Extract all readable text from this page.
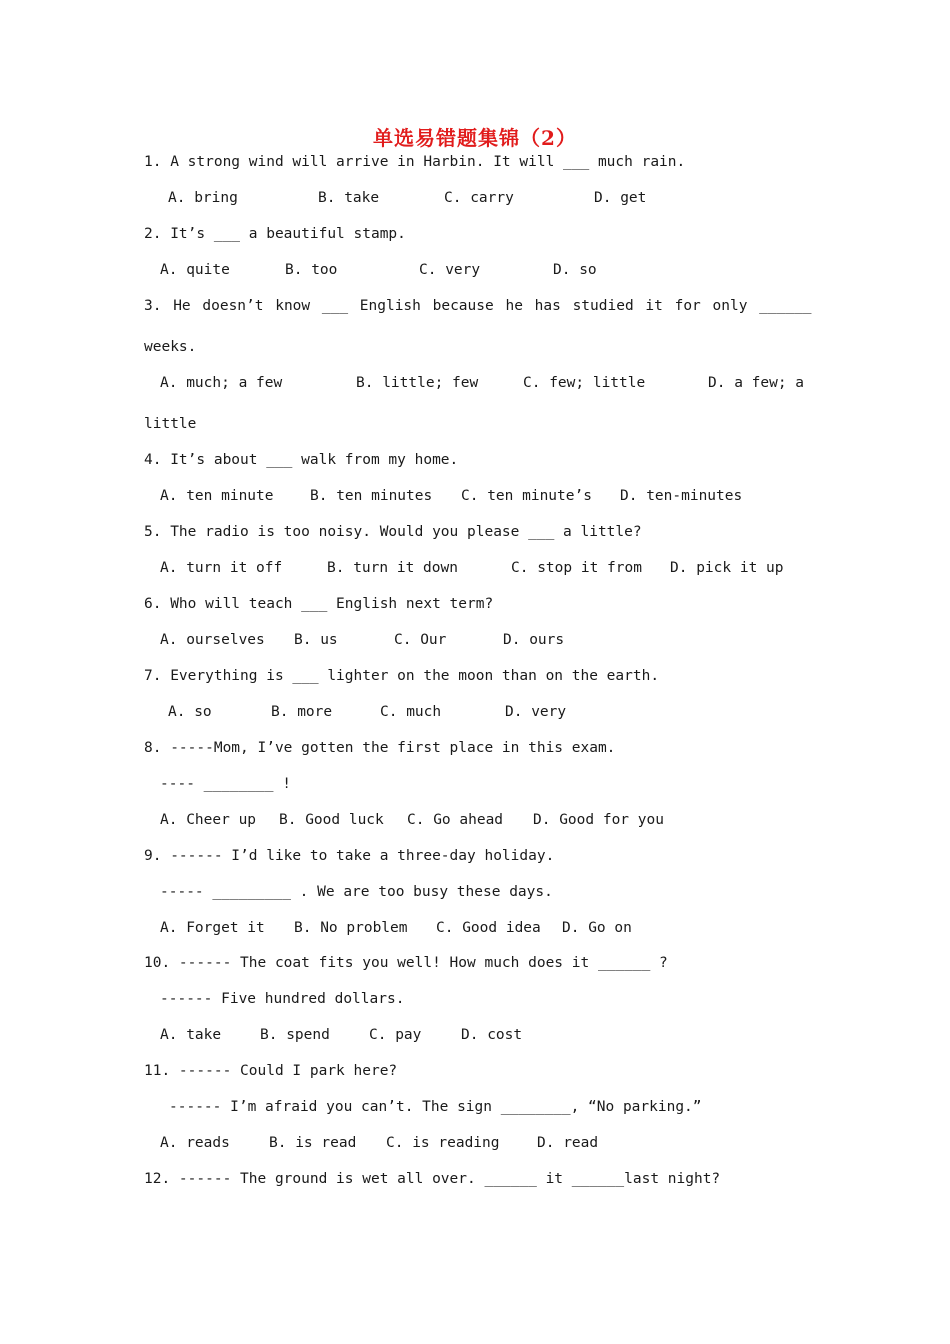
单选易错题集锦（2）
1. A strong wind will arrive in Harbin. It will ___ much rain.

A. bring

	B. take

	C. carry

	D. get

2. It’s ___ a beautiful stamp.

A. quite

	B. too

	C. very

	D. so

3. He doesn’t know ___ English because he has studied it for only ______
weeks.

A. much; a few

	B. little; few

	C. few; little

	D. a few; a

little
4. It’s about ___ walk from my home.

A. ten minute

	B. ten minutes

C. ten minute’s

D. ten-minutes

5. The radio is too noisy. Would you please ___ a little?

A. turn it off

	B. turn it down

	C. stop it from

D. pick it up

6. Who will teach ___ English next term?

A. ourselves

B. us

	C. Our

	D. ours

7. Everything is ___ lighter on the moon than on the earth.

A. so

	B. more

	C. much

	D. very

8. -----Mom, I’ve gotten the first place in this exam.
---- ________ !

A. Cheer up

B. Good luck

C. Go ahead

D. Good for you

9. ------ I’d like to take a three-day holiday.
----- _________ . We are too busy these days.

A. Forget it

B. No problem

C. Good idea

D. Go on

10. ------ The coat fits you well! How much does it ______ ?
------ Five hundred dollars.

A. take

	B. spend

	C. pay

	D. cost

11. ------ Could I park here?
------ I’m afraid you can’t. The sign ________, “No parking.”

A. reads

	B. is read

C. is reading

	D. read

12. ------ The ground is wet all over. ______ it ______last night?
